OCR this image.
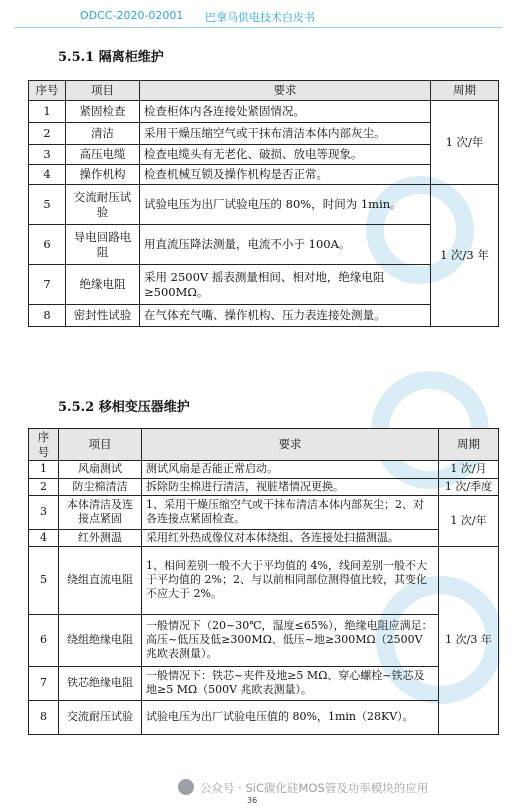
ODCC-2020-02001 巴拿马供电技术白皮书
5.5.1 隔离柜维护
序号	项目	要求	周期
1	紧固检查	检查柜体内各连接处紧固情况。	1 次/年
2	清洁	采用干燥压缩空气或干抹布清洁本体内部灰尘。	
3	高压电缆	检查电缆头有无老化、破损、放电等现象。	
4	操作机构	检查机械互锁及操作机构是否正常。	
5	交流耐压试验	试验电压为出厂试验电压的 80%，时间为 1min。	1 次/3 年
6	导电回路电阻	用直流压降法测量，电流不小于 100A。	
7	绝缘电阻	采用 2500V 摇表测量相间、相对地，绝缘电阻≥500MΩ。	
8	密封性试验	在气体充气嘴、操作机构、压力表连接处测量。	
5.5.2 移相变压器维护
序号	项目	要求	周期
1	风扇测试	测试风扇是否能正常启动。	1 次/月
2	防尘棉清洁	拆除防尘棉进行清洁，视脏堵情况更换。	1 次/季度
3	本体清洁及连接点紧固	1、采用干燥压缩空气或干抹布清洁本体内部灰尘；2、对各连接点紧固检查。	1 次/年
4	红外测温	采用红外热成像仪对本体绕组、各连接处扫描测温。	
5	绕组直流电阻	1、相间差别一般不大于平均值的 4%，线间差别一般不大于平均值的 2%；2、与以前相同部位测得值比较，其变化不应大于 2%。	1 次/3 年
6	绕组绝缘电阻	一般情况下（20~30℃，湿度≤65%），绝缘电阻应满足：高压~低压及低≥300MΩ、低压~地≥300MΩ（2500V 兆欧表测量）。	
7	铁芯绝缘电阻	一般情况下：铁芯~夹件及地≥5 MΩ、穿心螺栓~铁芯及地≥5 MΩ（500V 兆欧表测量）。	
8	交流耐压试验	试验电压为出厂试验电压值的 80%，1min（28KV）。	
公众号 · SiC碳化硅MOS管及功率模块的应用
36
